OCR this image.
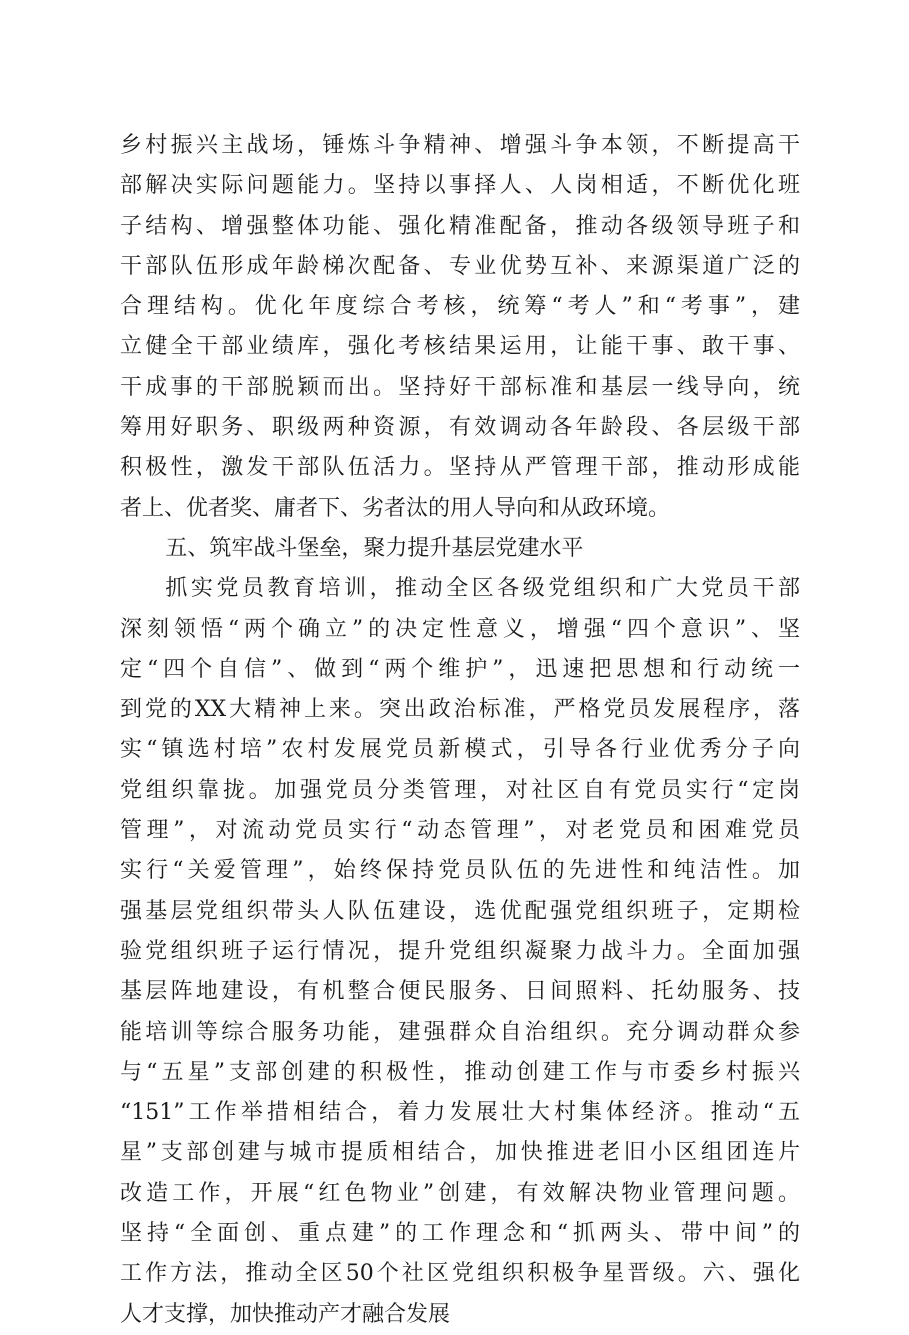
乡村振兴主战场，锤炼斗争精神、增强斗争本领，不断提高干
部解决实际问题能力。坚持以事择人、人岗相适，不断优化班
子结构、增强整体功能、强化精准配备，推动各级领导班子和
干部队伍形成年龄梯次配备、专业优势互补、来源渠道广泛的
合理结构。优化年度综合考核，统筹“考人”和“考事”，建
立健全干部业绩库，强化考核结果运用，让能干事、敢干事、
干成事的干部脱颖而出。坚持好干部标准和基层一线导向，统
筹用好职务、职级两种资源，有效调动各年龄段、各层级干部
积极性，激发干部队伍活力。坚持从严管理干部，推动形成能
者上、优者奖、庸者下、劣者汰的用人导向和从政环境。
五、筑牢战斗堡垒，聚力提升基层党建水平
抓实党员教育培训，推动全区各级党组织和广大党员干部
深刻领悟“两个确立”的决定性意义，增强“四个意识”、坚
定“四个自信”、做到“两个维护”，迅速把思想和行动统一
到党的XX大精神上来。突出政治标准，严格党员发展程序，落
实“镇选村培”农村发展党员新模式，引导各行业优秀分子向
党组织靠拢。加强党员分类管理，对社区自有党员实行“定岗
管理”，对流动党员实行“动态管理”，对老党员和困难党员
实行“关爱管理”，始终保持党员队伍的先进性和纯洁性。加
强基层党组织带头人队伍建设，选优配强党组织班子，定期检
验党组织班子运行情况，提升党组织凝聚力战斗力。全面加强
基层阵地建设，有机整合便民服务、日间照料、托幼服务、技
能培训等综合服务功能，建强群众自治组织。充分调动群众参
与“五星”支部创建的积极性，推动创建工作与市委乡村振兴
“151”工作举措相结合，着力发展壮大村集体经济。推动“五
星”支部创建与城市提质相结合，加快推进老旧小区组团连片
改造工作，开展“红色物业”创建，有效解决物业管理问题。
坚持“全面创、重点建”的工作理念和“抓两头、带中间”的
工作方法，推动全区50个社区党组织积极争星晋级。六、强化
人才支撑，加快推动产才融合发展
